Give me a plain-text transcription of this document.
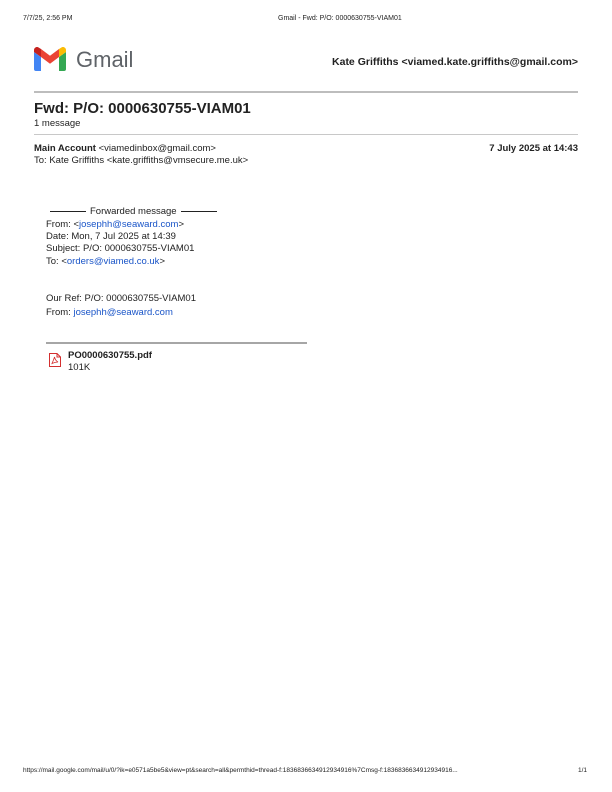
7/7/25, 2:56 PM	Gmail - Fwd: P/O: 0000630755-VIAM01
Gmail	Kate Griffiths <viamed.kate.griffiths@gmail.com>
Fwd: P/O: 0000630755-VIAM01
1 message
Main Account <viamedinbox@gmail.com>	7 July 2025 at 14:43
To: Kate Griffiths <kate.griffiths@vmsecure.me.uk>
Forwarded message
From: <josephh@seaward.com>
Date: Mon, 7 Jul 2025 at 14:39
Subject: P/O: 0000630755-VIAM01
To: <orders@viamed.co.uk>
Our Ref: P/O: 0000630755-VIAM01
From: josephh@seaward.com
PO0000630755.pdf
101K
https://mail.google.com/mail/u/0/?ik=e0571a5be5&view=pt&search=all&permthid=thread-f:1836836634912934916%7Cmsg-f:18368366349129349​16...	1/1
